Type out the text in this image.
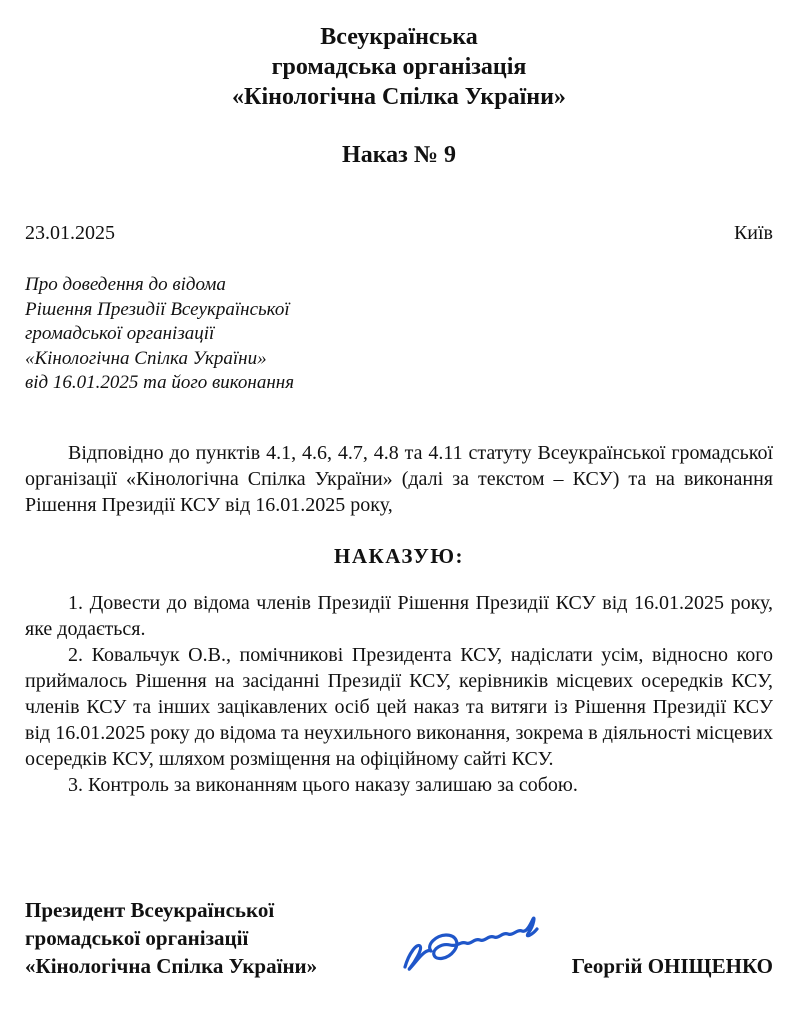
Всеукраїнська
громадська організація
«Кінологічна Спілка України»
Наказ № 9
23.01.2025	Київ
Про доведення до відома
Рішення Президії Всеукраїнської
громадської організації
«Кінологічна Спілка України»
від 16.01.2025 та його виконання

Відповідно до пунктів 4.1, 4.6, 4.7, 4.8 та 4.11 статуту Всеукраїнської громадської організації «Кінологічна Спілка України» (далі за текстом – КСУ) та на виконання Рішення Президії КСУ від 16.01.2025 року,

НАКАЗУЮ:

1. Довести до відома членів Президії Рішення Президії КСУ від 16.01.2025 року, яке додається.

2. Ковальчук О.В., помічникові Президента КСУ, надіслати усім, відносно кого приймалось Рішення на засіданні Президії КСУ, керівників місцевих осередків КСУ, членів КСУ та інших зацікавлених осіб цей наказ та витяги із Рішення Президії КСУ від 16.01.2025 року до відома та неухильного виконання, зокрема в діяльності місцевих осередків КСУ, шляхом розміщення на офіційному сайті КСУ.

3. Контроль за виконанням цього наказу залишаю за собою.

Президент Всеукраїнської
громадської організації
«Кінологічна Спілка України»	Георгій ОНІЩЕНКО
